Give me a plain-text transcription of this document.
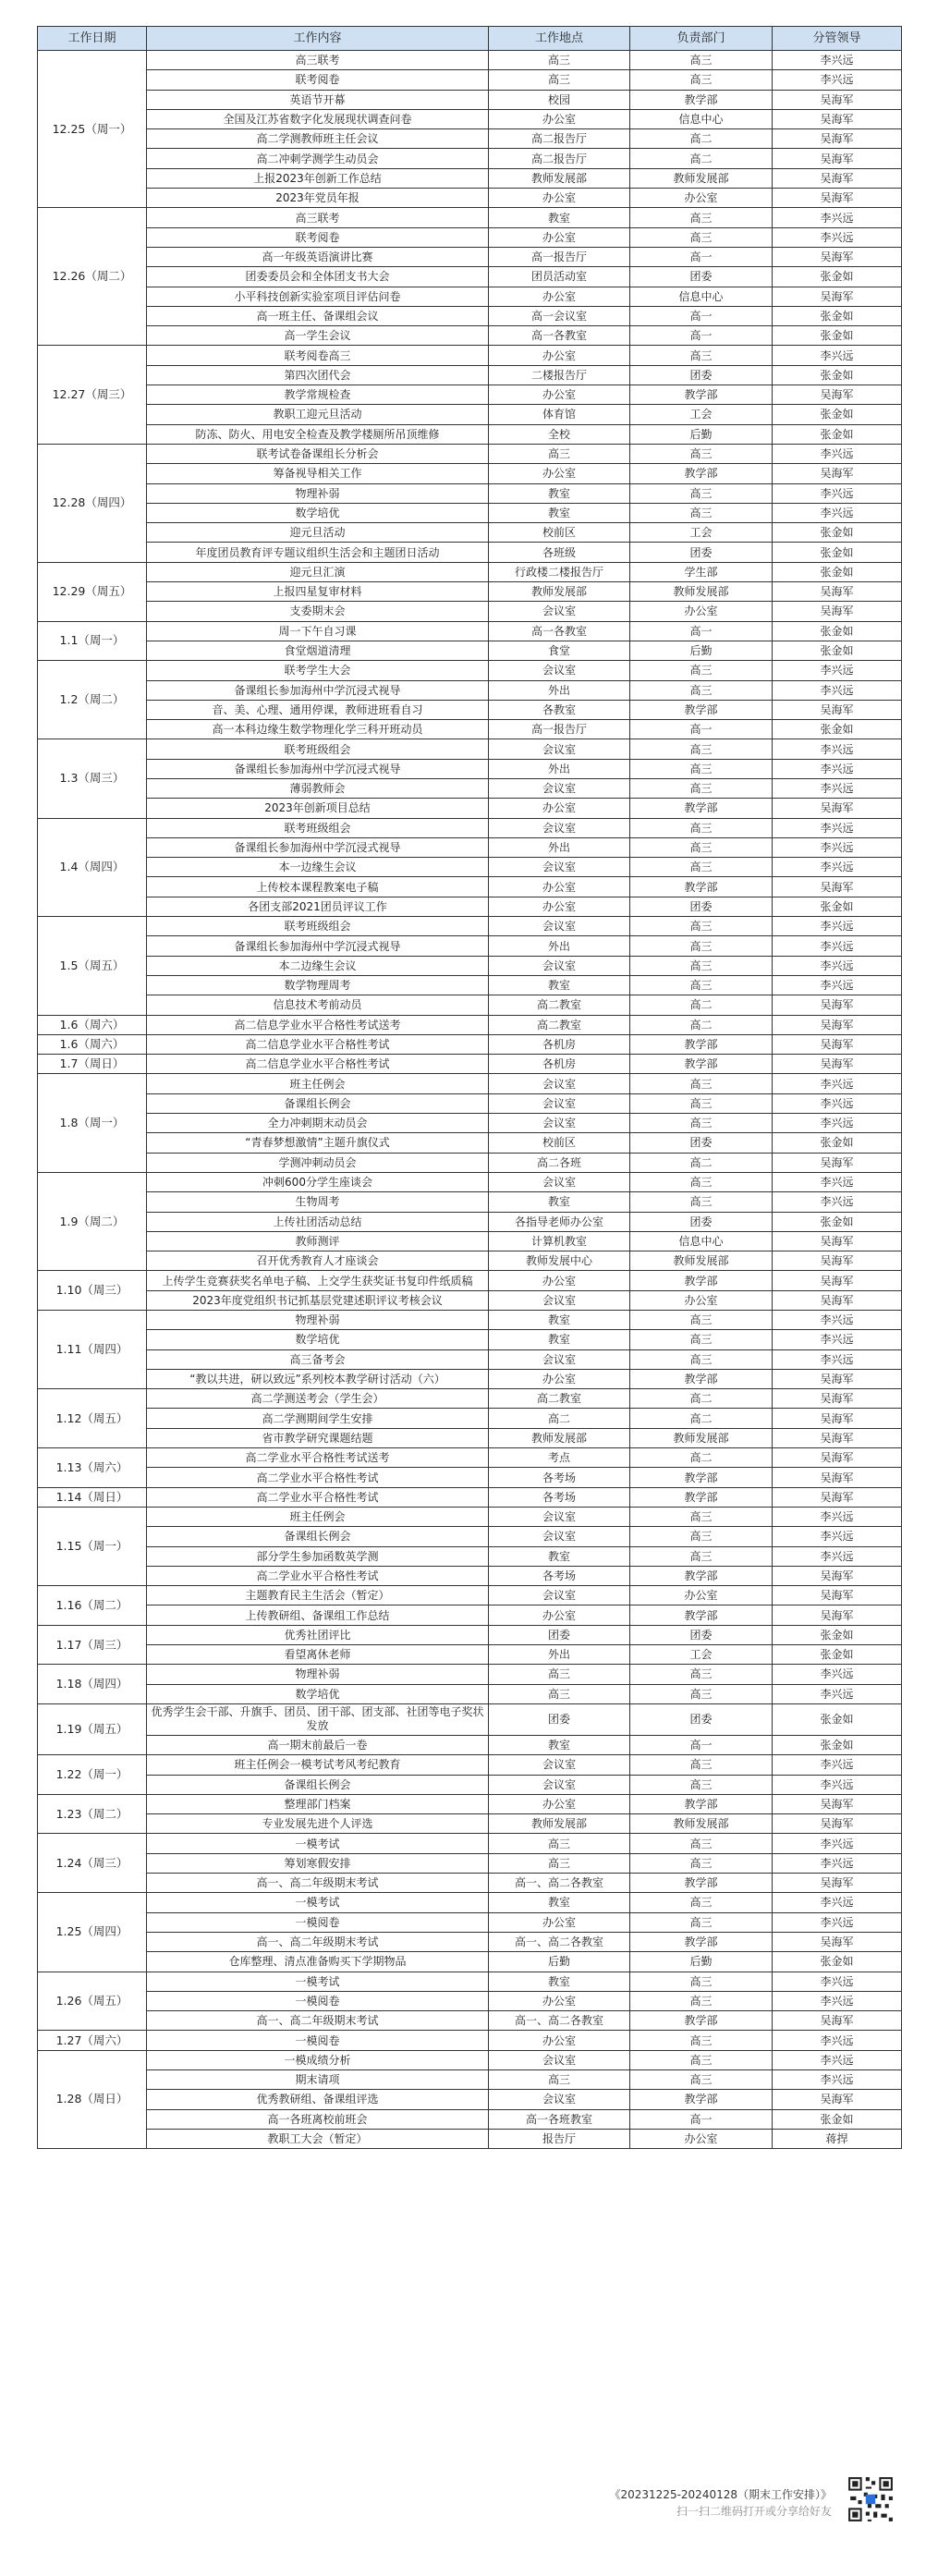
工作日期	工作内容	工作地点	负责部门	分管领导
12.25（周一）	高三联考	高三	高三	李兴远
	联考阅卷	高三	高三	李兴远
	英语节开幕	校园	教学部	吴海军
	全国及江苏省数字化发展现状调查问卷	办公室	信息中心	吴海军
	高二学测教师班主任会议	高二报告厅	高二	吴海军
	高二冲刺学测学生动员会	高二报告厅	高二	吴海军
	上报2023年创新工作总结	教师发展部	教师发展部	吴海军
	2023年党员年报	办公室	办公室	吴海军
12.26（周二）	高三联考	教室	高三	李兴远
	联考阅卷	办公室	高三	李兴远
	高一年级英语演讲比赛	高一报告厅	高一	吴海军
	团委委员会和全体团支书大会	团员活动室	团委	张金如
	小平科技创新实验室项目评估问卷	办公室	信息中心	吴海军
	高一班主任、备课组会议	高一会议室	高一	张金如
	高一学生会议	高一各教室	高一	张金如
12.27（周三）	联考阅卷高三	办公室	高三	李兴远
	第四次团代会	二楼报告厅	团委	张金如
	教学常规检查	办公室	教学部	吴海军
	教职工迎元旦活动	体育馆	工会	张金如
	防冻、防火、用电安全检查及教学楼厕所吊顶维修	全校	后勤	张金如
12.28（周四）	联考试卷备课组长分析会	高三	高三	李兴远
	筹备视导相关工作	办公室	教学部	吴海军
	物理补弱	教室	高三	李兴远
	数学培优	教室	高三	李兴远
	迎元旦活动	校前区	工会	张金如
	年度团员教育评专题议组织生活会和主题团日活动	各班级	团委	张金如
12.29（周五）	迎元旦汇演	行政楼二楼报告厅	学生部	张金如
	上报四星复审材料	教师发展部	教师发展部	吴海军
	支委期末会	会议室	办公室	吴海军
1.1（周一）	周一下午自习课	高一各教室	高一	张金如
	食堂烟道清理	食堂	后勤	张金如
1.2（周二）	联考学生大会	会议室	高三	李兴远
	备课组长参加海州中学沉浸式视导	外出	高三	李兴远
	音、美、心理、通用停课，教师进班看自习	各教室	教学部	吴海军
	高一本科边缘生数学物理化学三科开班动员	高一报告厅	高一	张金如
1.3（周三）	联考班级组会	会议室	高三	李兴远
	备课组长参加海州中学沉浸式视导	外出	高三	李兴远
	薄弱教师会	会议室	高三	李兴远
	2023年创新项目总结	办公室	教学部	吴海军
1.4（周四）	联考班级组会	会议室	高三	李兴远
	备课组长参加海州中学沉浸式视导	外出	高三	李兴远
	本一边缘生会议	会议室	高三	李兴远
	上传校本课程教案电子稿	办公室	教学部	吴海军
	各团支部2021团员评议工作	办公室	团委	张金如
1.5（周五）	联考班级组会	会议室	高三	李兴远
	备课组长参加海州中学沉浸式视导	外出	高三	李兴远
	本二边缘生会议	会议室	高三	李兴远
	数学物理周考	教室	高三	李兴远
	信息技术考前动员	高二教室	高二	吴海军
1.6（周六）	高二信息学业水平合格性考试送考	高二教室	高二	吴海军
1.6（周六）	高二信息学业水平合格性考试	各机房	教学部	吴海军
1.7（周日）	高二信息学业水平合格性考试	各机房	教学部	吴海军
1.8（周一）	班主任例会	会议室	高三	李兴远
	备课组长例会	会议室	高三	李兴远
	全力冲刺期末动员会	会议室	高三	李兴远
	“青春梦想激情”主题升旗仪式	校前区	团委	张金如
	学测冲刺动员会	高二各班	高二	吴海军
1.9（周二）	冲刺600分学生座谈会	会议室	高三	李兴远
	生物周考	教室	高三	李兴远
	上传社团活动总结	各指导老师办公室	团委	张金如
	教师测评	计算机教室	信息中心	吴海军
	召开优秀教育人才座谈会	教师发展中心	教师发展部	吴海军
1.10（周三）	上传学生竞赛获奖名单电子稿、上交学生获奖证书复印件纸质稿	办公室	教学部	吴海军
	2023年度党组织书记抓基层党建述职评议考核会议	会议室	办公室	吴海军
1.11（周四）	物理补弱	教室	高三	李兴远
	数学培优	教室	高三	李兴远
	高三备考会	会议室	高三	李兴远
	“教以共进，研以致远”系列校本教学研讨活动（六）	办公室	教学部	吴海军
1.12（周五）	高二学测送考会（学生会）	高二教室	高二	吴海军
	高二学测期间学生安排	高二	高二	吴海军
	省市教学研究课题结题	教师发展部	教师发展部	吴海军
1.13（周六）	高二学业水平合格性考试送考	考点	高二	吴海军
	高二学业水平合格性考试	各考场	教学部	吴海军
1.14（周日）	高二学业水平合格性考试	各考场	教学部	吴海军
1.15（周一）	班主任例会	会议室	高三	李兴远
	备课组长例会	会议室	高三	李兴远
	部分学生参加函数英学测	教室	高三	李兴远
	高二学业水平合格性考试	各考场	教学部	吴海军
1.16（周二）	主题教育民主生活会（暂定）	会议室	办公室	吴海军
	上传教研组、备课组工作总结	办公室	教学部	吴海军
1.17（周三）	优秀社团评比	团委	团委	张金如
	看望离休老师	外出	工会	张金如
1.18（周四）	物理补弱	高三	高三	李兴远
	数学培优	高三	高三	李兴远
1.19（周五）	优秀学生会干部、升旗手、团员、团干部、团支部、社团等电子奖状发放	团委	团委	张金如
	高一期末前最后一卷	教室	高一	张金如
1.22（周一）	班主任例会一模考试考风考纪教育	会议室	高三	李兴远
	备课组长例会	会议室	高三	李兴远
1.23（周二）	整理部门档案	办公室	教学部	吴海军
	专业发展先进个人评选	教师发展部	教师发展部	吴海军
1.24（周三）	一模考试	高三	高三	李兴远
	筹划寒假安排	高三	高三	李兴远
	高一、高二年级期末考试	高一、高二各教室	教学部	吴海军
1.25（周四）	一模考试	教室	高三	李兴远
	一模阅卷	办公室	高三	李兴远
	高一、高二年级期末考试	高一、高二各教室	教学部	吴海军
	仓库整理、清点准备购买下学期物品	后勤	后勤	张金如
1.26（周五）	一模考试	教室	高三	李兴远
	一模阅卷	办公室	高三	李兴远
	高一、高二年级期末考试	高一、高二各教室	教学部	吴海军
1.27（周六）	一模阅卷	办公室	高三	李兴远
1.28（周日）	一模成绩分析	会议室	高三	李兴远
	期末请项	高三	高三	李兴远
	优秀教研组、备课组评选	会议室	教学部	吴海军
	高一各班离校前班会	高一各班教室	高一	张金如
	教职工大会（暂定）	报告厅	办公室	蒋捍
《20231225-20240128（期末工作安排）》
扫一扫二维码打开或分享给好友
